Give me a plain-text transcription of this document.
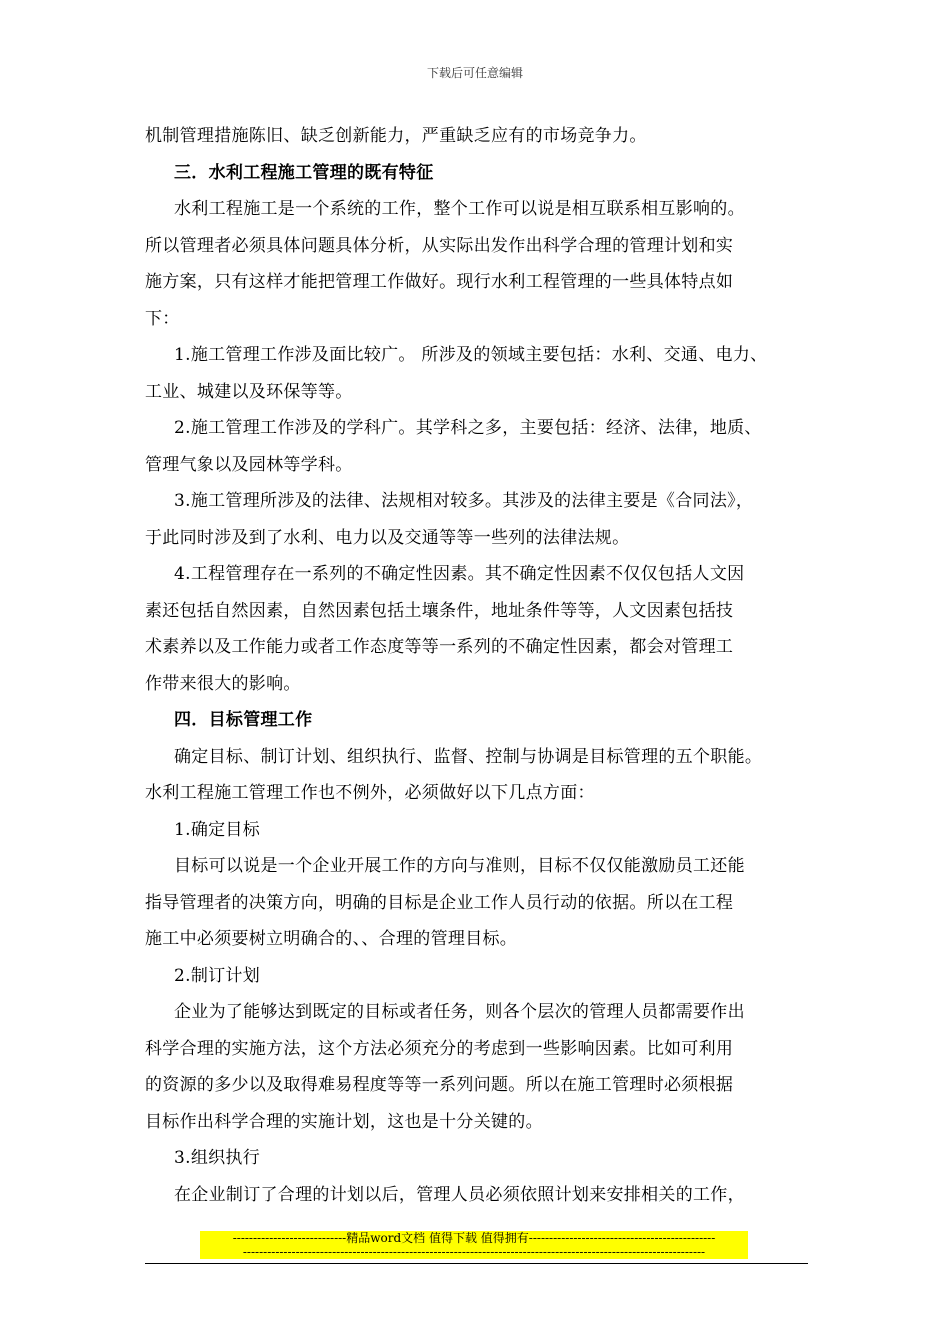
下载后可任意编辑
机制管理措施陈旧、缺乏创新能力，严重缺乏应有的市场竞争力。
三．水利工程施工管理的既有特征
水利工程施工是一个系统的工作，整个工作可以说是相互联系相互影响的。
所以管理者必须具体问题具体分析，从实际出发作出科学合理的管理计划和实
施方案，只有这样才能把管理工作做好。现行水利工程管理的一些具体特点如
下：
1.施工管理工作涉及面比较广。 所涉及的领域主要包括：水利、交通、电力、
工业、城建以及环保等等。
2.施工管理工作涉及的学科广。其学科之多，主要包括：经济、法律，地质、
管理气象以及园林等学科。
3.施工管理所涉及的法律、法规相对较多。其涉及的法律主要是《合同法》，
于此同时涉及到了水利、电力以及交通等等一些列的法律法规。
4.工程管理存在一系列的不确定性因素。其不确定性因素不仅仅包括人文因
素还包括自然因素，自然因素包括土壤条件，地址条件等等，人文因素包括技
术素养以及工作能力或者工作态度等等一系列的不确定性因素，都会对管理工
作带来很大的影响。
四．目标管理工作
确定目标、制订计划、组织执行、监督、控制与协调是目标管理的五个职能。
水利工程施工管理工作也不例外，必须做好以下几点方面：
1.确定目标
目标可以说是一个企业开展工作的方向与准则，目标不仅仅能激励员工还能
指导管理者的决策方向，明确的目标是企业工作人员行动的依据。所以在工程
施工中必须要树立明确合的、、合理的管理目标。
2.制订计划
企业为了能够达到既定的目标或者任务，则各个层次的管理人员都需要作出
科学合理的实施方法，这个方法必须充分的考虑到一些影响因素。比如可利用
的资源的多少以及取得难易程度等等一系列问题。所以在施工管理时必须根据
目标作出科学合理的实施计划，这也是十分关键的。
3.组织执行
在企业制订了合理的计划以后，管理人员必须依照计划来安排相关的工作，
----------------------------精品word文档 值得下载 值得拥有----------------------------------------------
------------------------------------------------------------------------------------------------------------------
